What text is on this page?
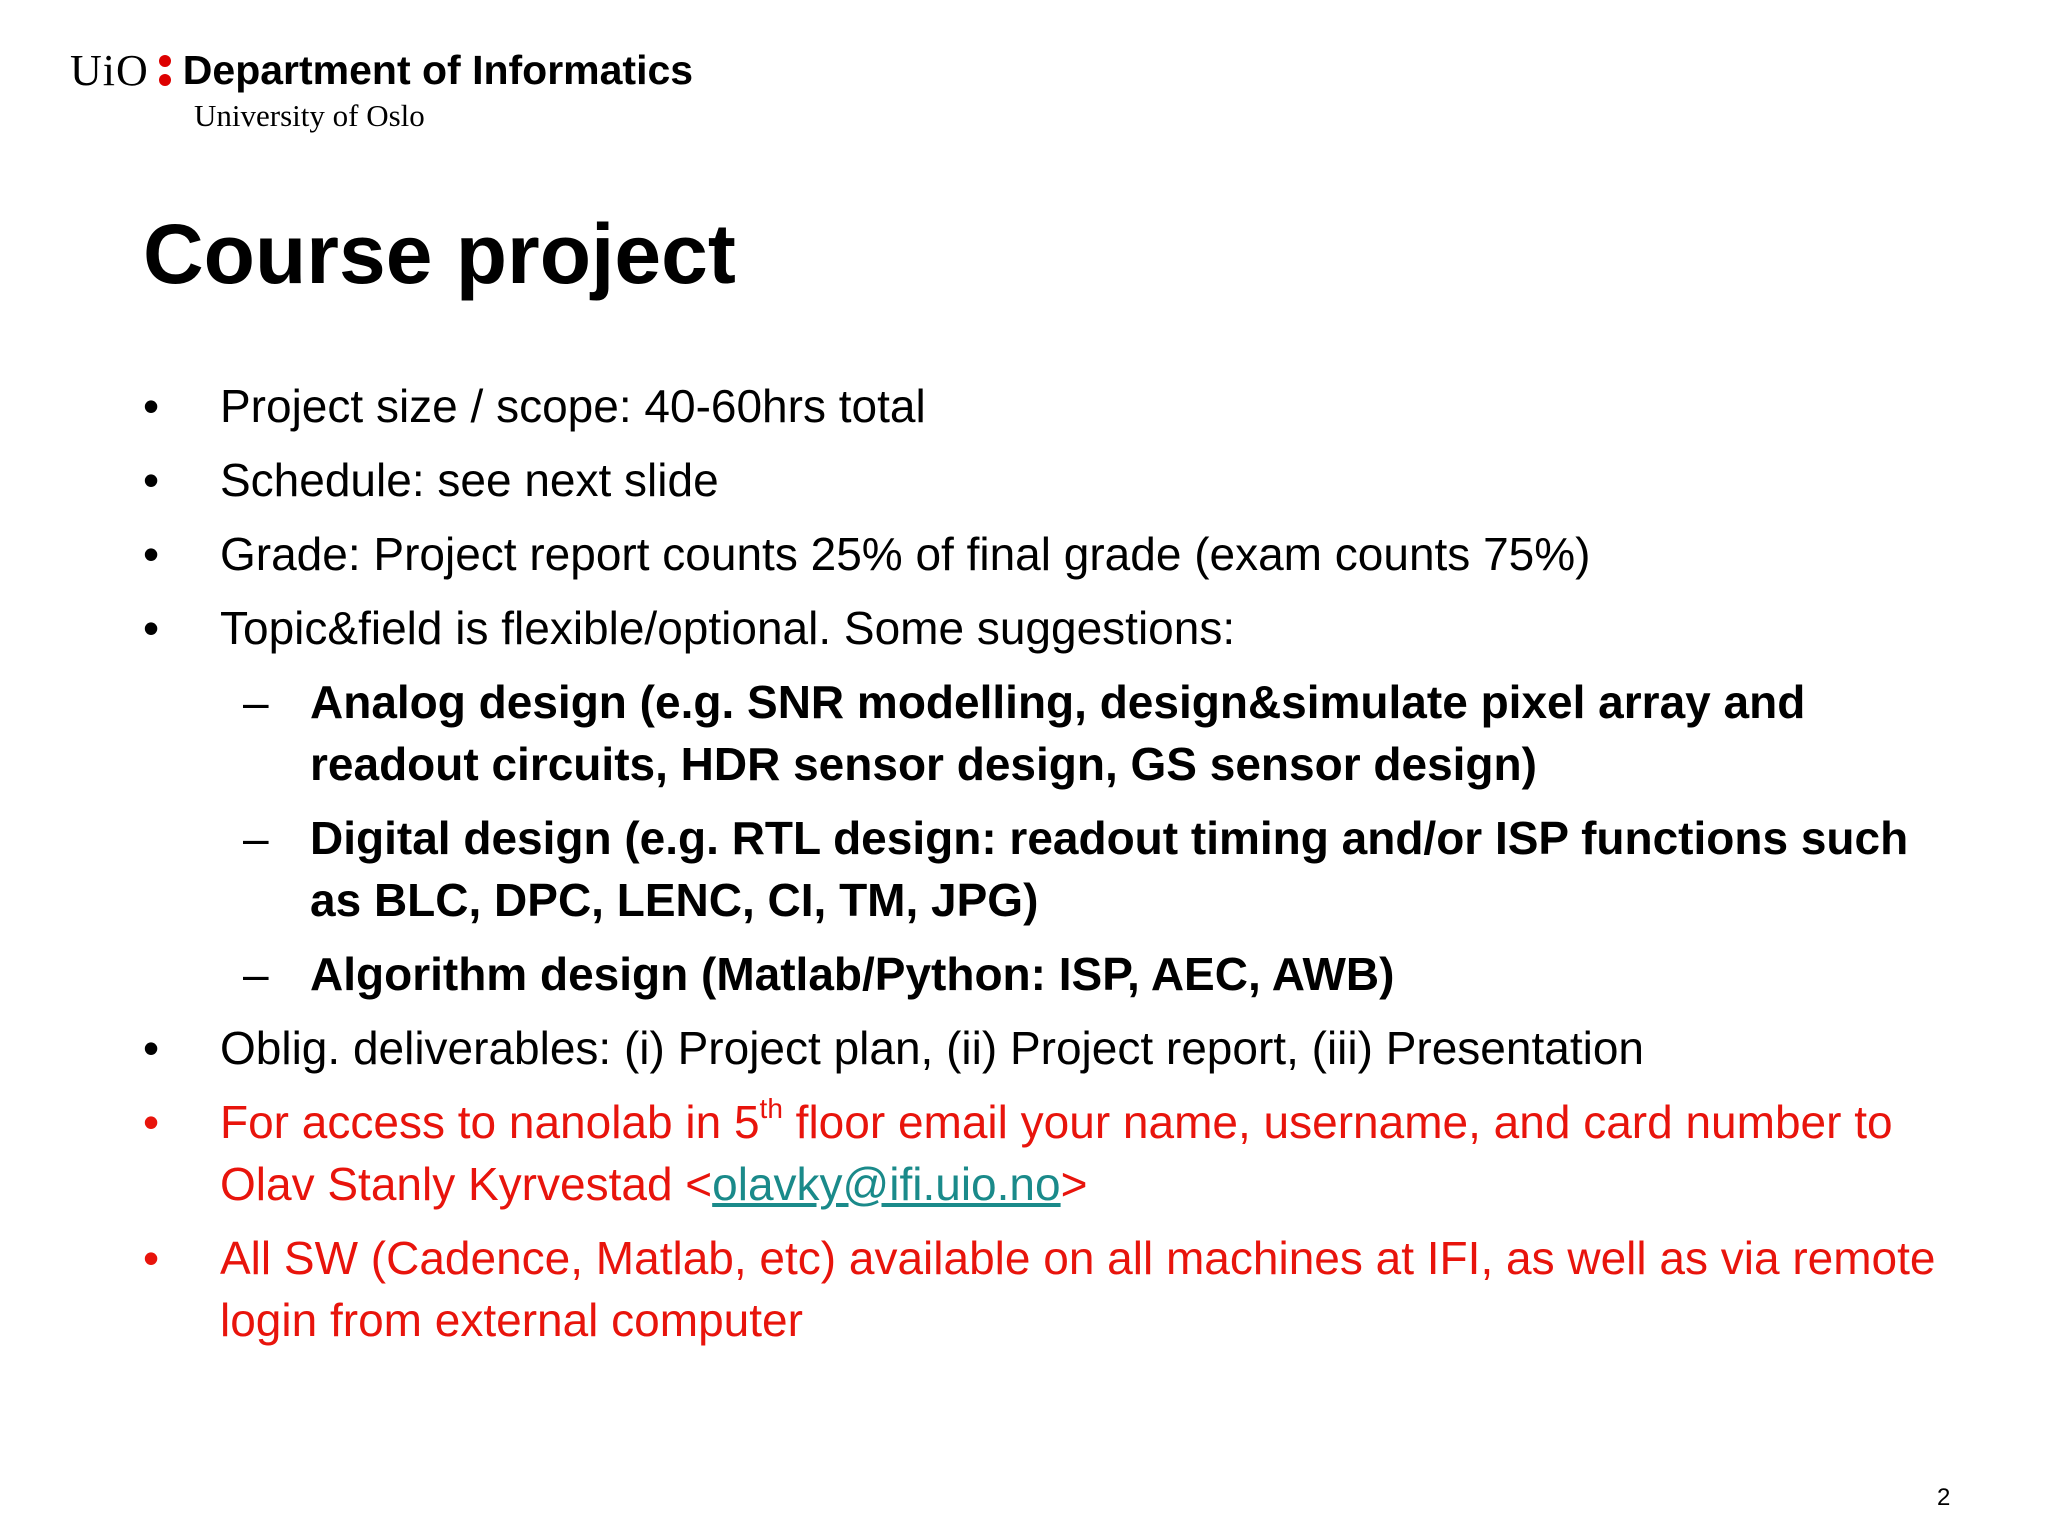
UiO Department of Informatics
University of Oslo
Course project
• Project size / scope: 40-60hrs total
• Schedule: see next slide
• Grade: Project report counts 25% of final grade (exam counts 75%)
• Topic&field is flexible/optional. Some suggestions:
– Analog design (e.g. SNR modelling, design&simulate pixel array and readout circuits, HDR sensor design, GS sensor design)
– Digital design (e.g. RTL design: readout timing and/or ISP functions such as BLC, DPC, LENC, CI, TM, JPG)
– Algorithm design (Matlab/Python: ISP, AEC, AWB)
• Oblig. deliverables: (i) Project plan, (ii) Project report, (iii) Presentation
• For access to nanolab in 5th floor email your name, username, and card number to Olav Stanly Kyrvestad <olavky@ifi.uio.no>
• All SW (Cadence, Matlab, etc) available on all machines at IFI, as well as via remote login from external computer
2
